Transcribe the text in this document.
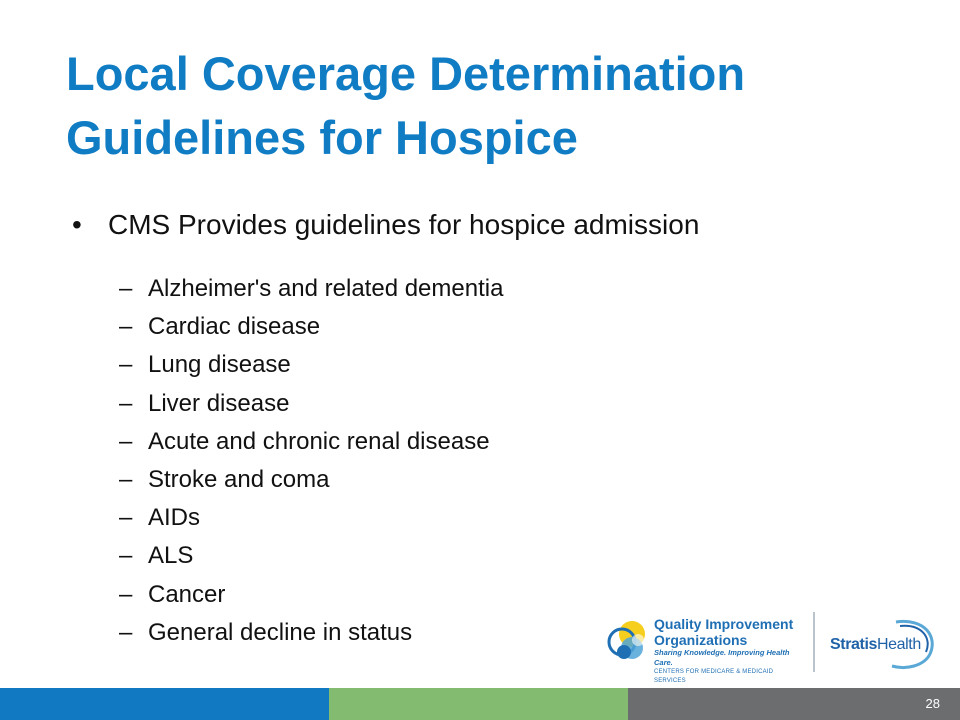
Local Coverage Determination
Guidelines for Hospice
• CMS Provides guidelines for hospice admission
– Alzheimer's and related dementia
– Cardiac disease
– Lung disease
– Liver disease
– Acute and chronic renal disease
– Stroke and coma
– AIDs
– ALS
– Cancer
– General decline in status	Quality Improvement
Organizations
Sharing Knowledge. Improving Health Care.
CENTERS FOR MEDICARE & MEDICAID SERVICES
StratisHealth
28
